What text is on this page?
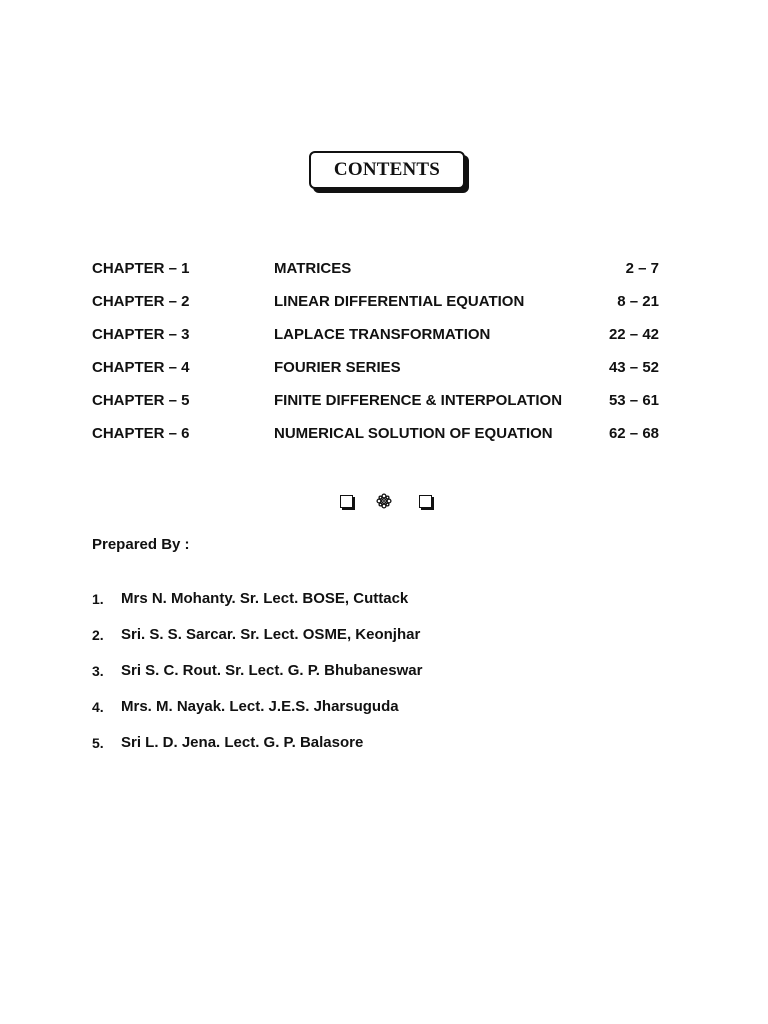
CONTENTS
CHAPTER – 1	MATRICES	2 – 7
CHAPTER – 2	LINEAR DIFFERENTIAL EQUATION	8 – 21
CHAPTER – 3	LAPLACE TRANSFORMATION	22 – 42
CHAPTER – 4	FOURIER SERIES	43 – 52
CHAPTER – 5	FINITE DIFFERENCE & INTERPOLATION	53 – 61
CHAPTER – 6	NUMERICAL SOLUTION OF EQUATION	62 – 68
Prepared By :
1. Mrs N. Mohanty. Sr. Lect. BOSE, Cuttack
2. Sri. S. S. Sarcar. Sr. Lect. OSME, Keonjhar
3. Sri S. C. Rout. Sr. Lect. G. P. Bhubaneswar
4. Mrs. M. Nayak. Lect. J.E.S. Jharsuguda
5. Sri L. D. Jena. Lect. G. P. Balasore
